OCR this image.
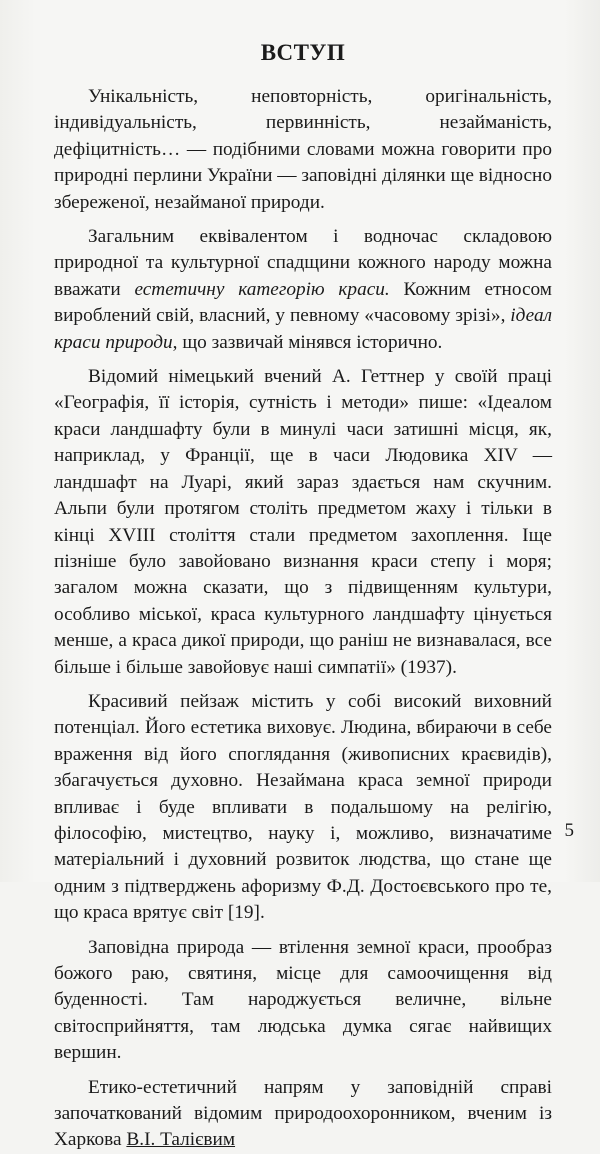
ВСТУП

Унікальність, неповторність, оригінальність, індивідуальність, первинність, незайманість, дефіцитність… — подібними словами можна говорити про природні перлини України — заповідні ділянки ще відносно збереженої, незайманої природи.

Загальним еквівалентом і водночас складовою природної та культурної спадщини кожного народу можна вважати естетичну категорію краси. Кожним етносом вироблений свій, власний, у певному «часовому зрізі», ідеал краси природи, що зазвичай мінявся історично.

Відомий німецький вчений А. Геттнер у своїй праці «Географія, її історія, сутність і методи» пише: «Ідеалом краси ландшафту були в минулі часи затишні місця, як, наприклад, у Франції, ще в часи Людовика XIV — ландшафт на Луарі, який зараз здається нам скучним. Альпи були протягом століть предметом жаху і тільки в кінці XVIII століття стали предметом захоплення. Іще пізніше було завойовано визнання краси степу і моря; загалом можна сказати, що з підвищенням культури, особливо міської, краса культурного ландшафту цінується менше, а краса дикої природи, що раніш не визнавалася, все більше і більше завойовує наші симпатії» (1937).

Красивий пейзаж містить у собі високий виховний потенціал. Його естетика виховує. Людина, вбираючи в себе враження від його споглядання (живописних краєвидів), збагачується духовно. Незаймана краса земної природи впливає і буде впливати в подальшому на релігію, філософію, мистецтво, науку і, можливо, визначатиме матеріальний і духовний розвиток людства, що стане ще одним з підтверджень афоризму Ф.Д. Достоєвського про те, що краса врятує світ [19].

Заповідна природа — втілення земної краси, прообраз божого раю, святиня, місце для самоочищення від буденності. Там народжується величне, вільне світосприйняття, там людська думка сягає найвищих вершин.

Етико-естетичний напрям у заповідній справі започаткований відомим природоохоронником, вченим із Харкова В.І. Талієвим

5
